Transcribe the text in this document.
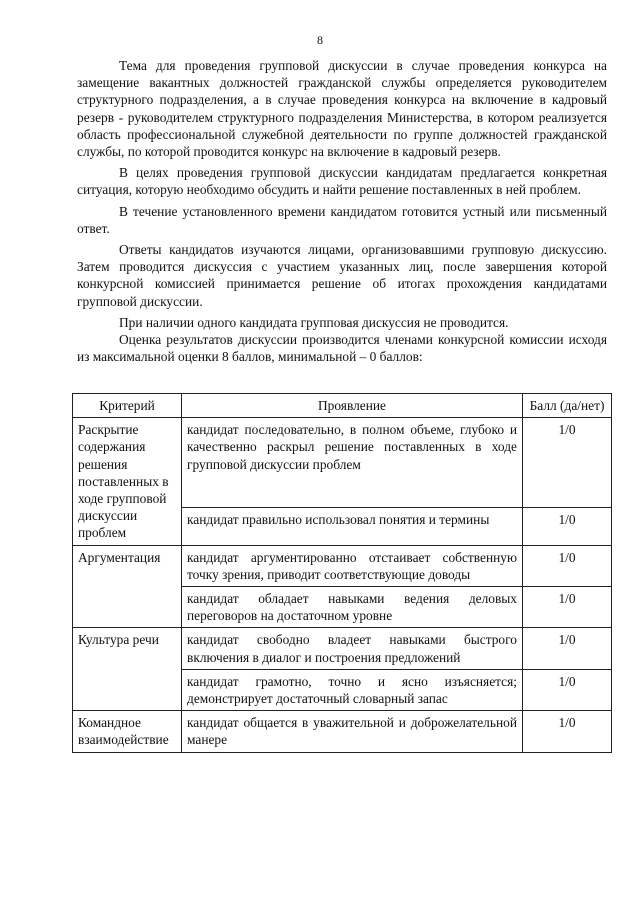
8

Тема для проведения групповой дискуссии в случае проведения конкурса на замещение вакантных должностей гражданской службы определяется руководителем структурного подразделения, а в случае проведения конкурса на включение в кадровый резерв - руководителем структурного подразделения Министерства, в котором реализуется область профессиональной служебной деятельности по группе должностей гражданской службы, по которой проводится конкурс на включение в кадровый резерв.

В целях проведения групповой дискуссии кандидатам предлагается конкретная ситуация, которую необходимо обсудить и найти решение поставленных в ней проблем.

В течение установленного времени кандидатом готовится устный или письменный ответ.

Ответы кандидатов изучаются лицами, организовавшими групповую дискуссию. Затем проводится дискуссия с участием указанных лиц, после завершения которой конкурсной комиссией принимается решение об итогах прохождения кандидатами групповой дискуссии.

При наличии одного кандидата групповая дискуссия не проводится.

Оценка результатов дискуссии производится членами конкурсной комиссии исходя из максимальной оценки 8 баллов, минимальной – 0 баллов:

Критерий	Проявление	Балл (да/нет)
Раскрытие содержания решения поставленных в ходе групповой дискуссии проблем	кандидат последовательно, в полном объеме, глубоко и качественно раскрыл решение поставленных в ходе групповой дискуссии проблем	1/0
	кандидат правильно использовал понятия и термины	1/0
Аргументация	кандидат аргументированно отстаивает собственную точку зрения, приводит соответствующие доводы	1/0
	кандидат обладает навыками ведения деловых переговоров на достаточном уровне	1/0
Культура речи	кандидат свободно владеет навыками быстрого включения в диалог и построения предложений	1/0
	кандидат грамотно, точно и ясно изъясняется; демонстрирует достаточный словарный запас	1/0
Командное взаимодействие	кандидат общается в уважительной и доброжелательной манере	1/0
